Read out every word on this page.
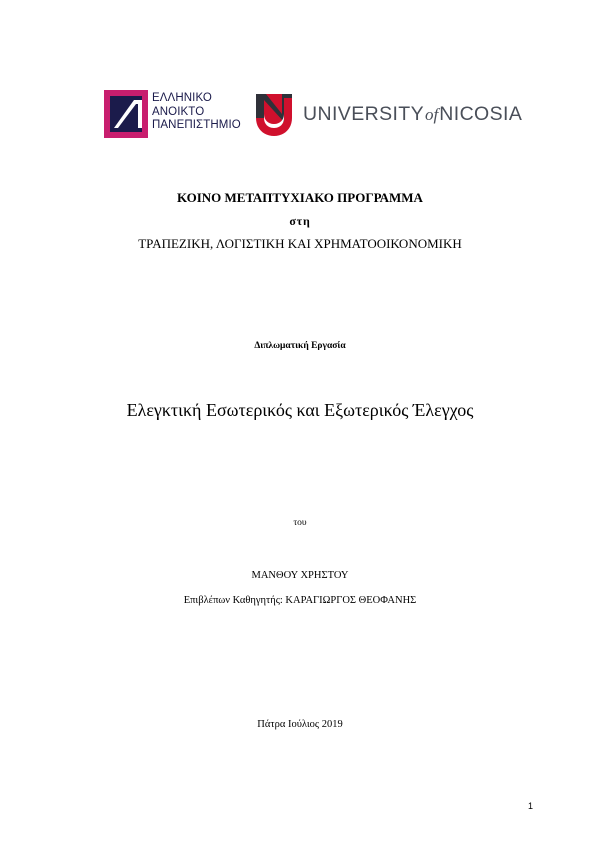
ΕΛΛΗΝΙΚΟ
ΑΝΟΙΚΤΟ
ΠΑΝΕΠΙΣΤΗΜΙΟ	UNIVERSITYofNICOSIA
ΚΟΙΝΟ ΜΕΤΑΠΤΥΧΙΑΚΟ ΠΡΟΓΡΑΜΜΑ
στη
ΤΡΑΠΕΖΙΚΗ, ΛΟΓΙΣΤΙΚΗ ΚΑΙ ΧΡΗΜΑΤΟΟΙΚΟΝΟΜΙΚΗ
Διπλωματική Εργασία
Ελεγκτική Εσωτερικός και Εξωτερικός Έλεγχος
του
ΜΑΝΘΟΥ ΧΡΗΣΤΟΥ
Επιβλέπων Καθηγητής: ΚΑΡΑΓΙΩΡΓΟΣ ΘΕΟΦΑΝΗΣ
Πάτρα Ιούλιος 2019
1
